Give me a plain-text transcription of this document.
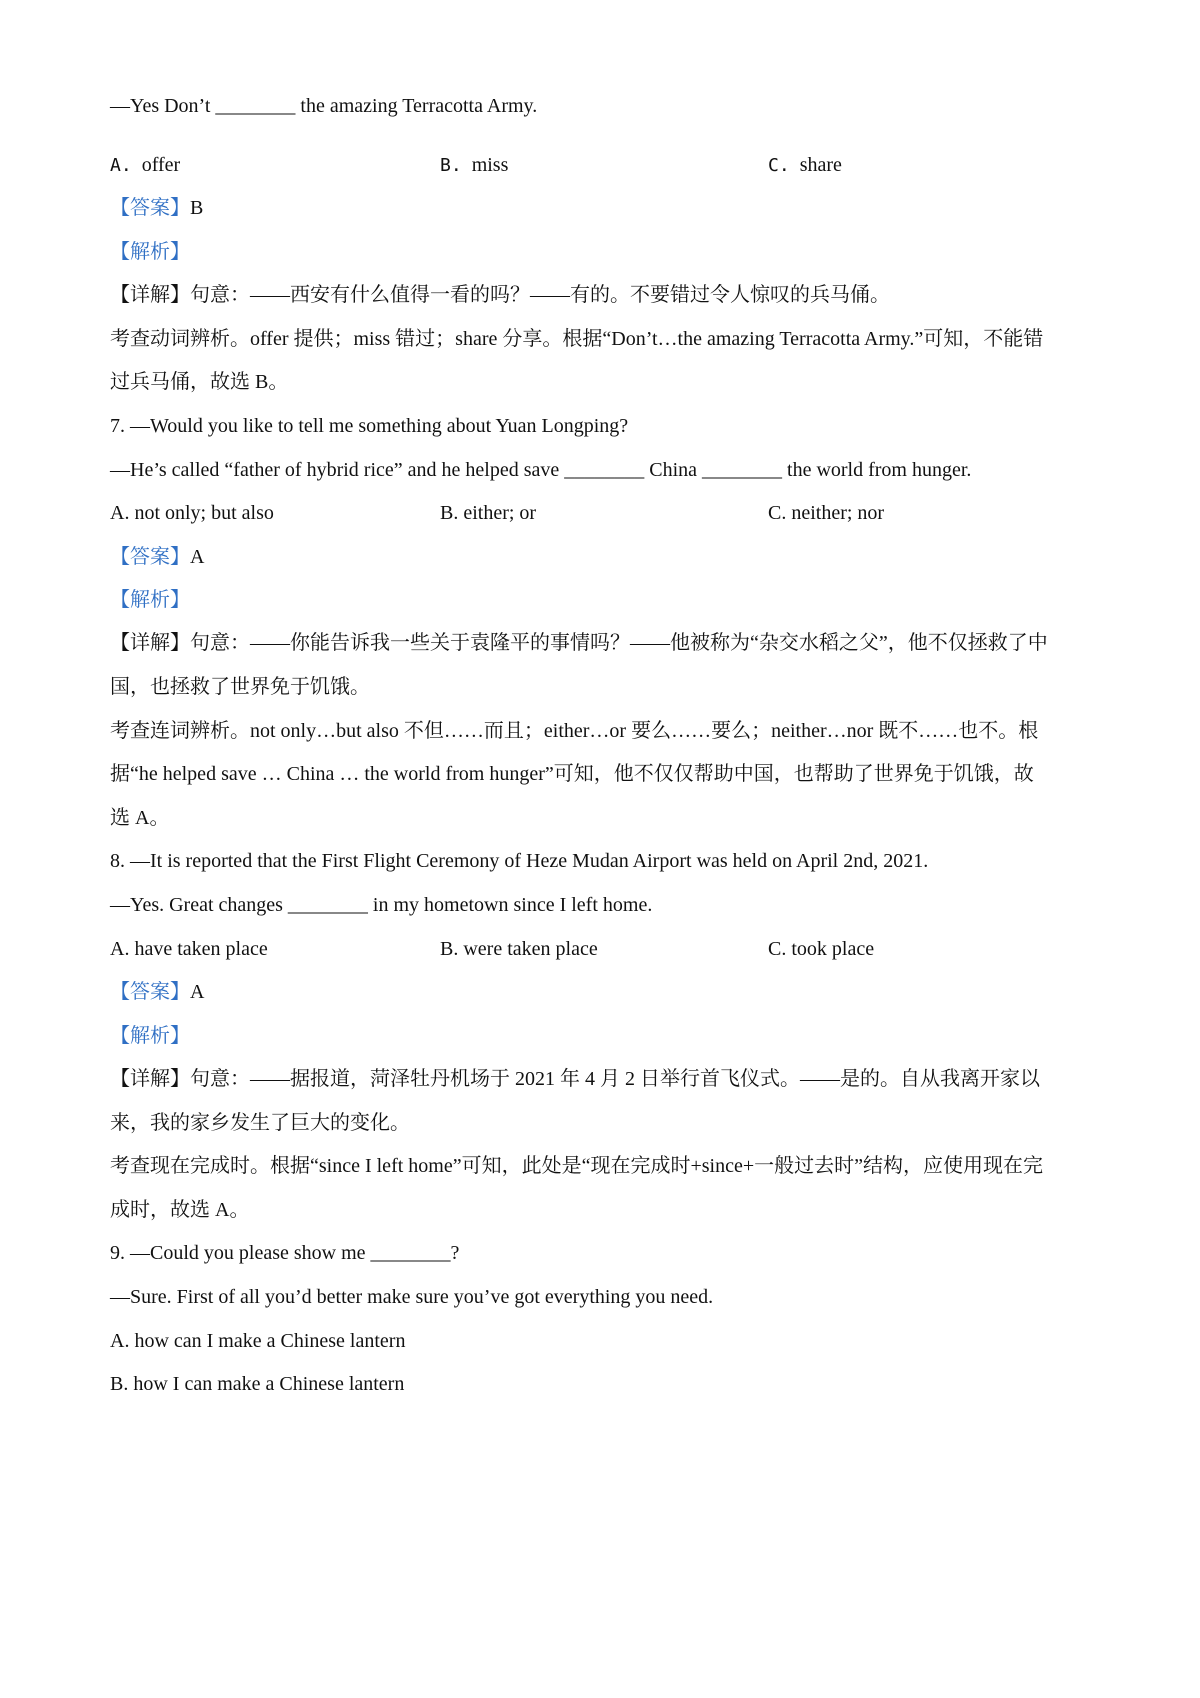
—Yes Don’t ________ the amazing Terracotta Army.
A. offer	B. miss	C. share
【答案】B
【解析】
【详解】句意：——西安有什么值得一看的吗？——有的。不要错过令人惊叹的兵马俑。
考查动词辨析。offer 提供；miss 错过；share 分享。根据“Don’t…the amazing Terracotta Army.”可知，不能错
过兵马俑，故选 B。
7. —Would you like to tell me something about Yuan Longping?
—He’s called “father of hybrid rice” and he helped save ________ China ________ the world from hunger.
A. not only; but also	B. either; or	C. neither; nor
【答案】A
【解析】
【详解】句意：——你能告诉我一些关于袁隆平的事情吗？——他被称为“杂交水稻之父”，他不仅拯救了中
国，也拯救了世界免于饥饿。
考查连词辨析。not only…but also 不但……而且；either…or 要么……要么；neither…nor 既不……也不。根
据“he helped save … China … the world from hunger”可知，他不仅仅帮助中国，也帮助了世界免于饥饿，故
选 A。
8. —It is reported that the First Flight Ceremony of Heze Mudan Airport was held on April 2nd, 2021.
—Yes. Great changes ________ in my hometown since I left home.
A. have taken place	B. were taken place	C. took place
【答案】A
【解析】
【详解】句意：——据报道，菏泽牡丹机场于 2021 年 4 月 2 日举行首飞仪式。——是的。自从我离开家以
来，我的家乡发生了巨大的变化。
考查现在完成时。根据“since I left home”可知，此处是“现在完成时+since+一般过去时”结构，应使用现在完
成时，故选 A。
9. —Could you please show me ________?
—Sure. First of all you’d better make sure you’ve got everything you need.
A. how can I make a Chinese lantern
B. how I can make a Chinese lantern
